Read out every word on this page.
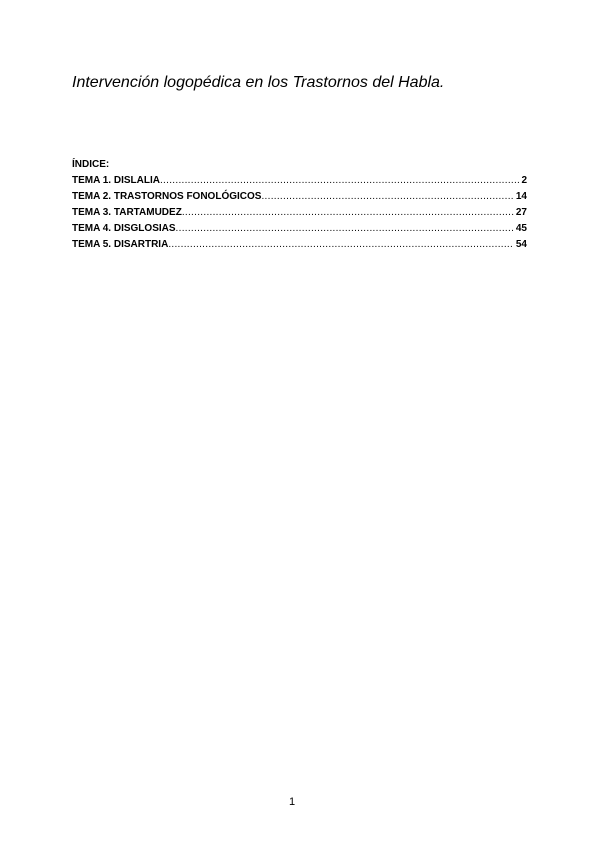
Intervención logopédica en los Trastornos del Habla.
ÍNDICE:
TEMA 1. DISLALIA .....	2
TEMA 2. TRASTORNOS FONOLÓGICOS .....	14
TEMA 3. TARTAMUDEZ .....	27
TEMA 4. DISGLOSIAS .....	45
TEMA 5. DISARTRIA .....	54
1
